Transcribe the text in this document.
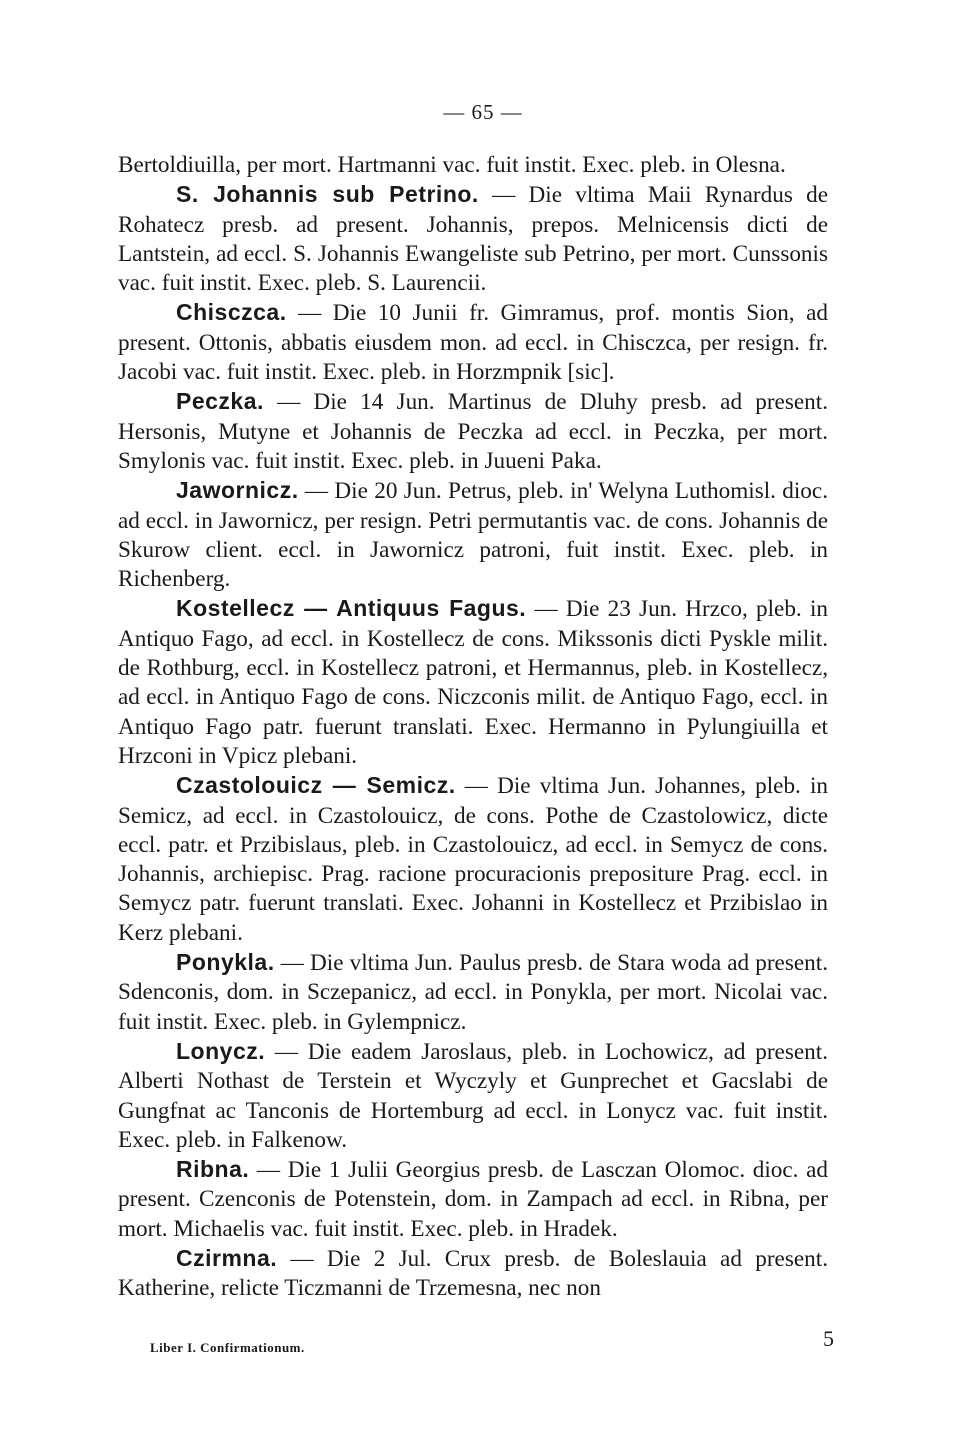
— 65 —

Bertoldiuilla, per mort. Hartmanni vac. fuit instit. Exec. pleb. in Olesna.

S. Johannis sub Petrino. — Die vltima Maii Rynardus de Rohatecz presb. ad present. Johannis, prepos. Melnicensis dicti de Lantstein, ad eccl. S. Johannis Ewangeliste sub Petrino, per mort. Cunssonis vac. fuit instit. Exec. pleb. S. Laurencii.

Chisczca. — Die 10 Junii fr. Gimramus, prof. montis Sion, ad present. Ottonis, abbatis eiusdem mon. ad eccl. in Chisczca, per resign. fr. Jacobi vac. fuit instit. Exec. pleb. in Horzmpnik [sic].

Peczka. — Die 14 Jun. Martinus de Dluhy presb. ad present. Hersonis, Mutyne et Johannis de Peczka ad eccl. in Peczka, per mort. Smylonis vac. fuit instit. Exec. pleb. in Juueni Paka.

Jawornicz. — Die 20 Jun. Petrus, pleb. in' Welyna Luthomisl. dioc. ad eccl. in Jawornicz, per resign. Petri permutantis vac. de cons. Johannis de Skurow client. eccl. in Jawornicz patroni, fuit instit. Exec. pleb. in Richenberg.

Kostellecz — Antiquus Fagus. — Die 23 Jun. Hrzco, pleb. in Antiquo Fago, ad eccl. in Kostellecz de cons. Mikssonis dicti Pyskle milit. de Rothburg, eccl. in Kostellecz patroni, et Hermannus, pleb. in Kostellecz, ad eccl. in Antiquo Fago de cons. Niczconis milit. de Antiquo Fago, eccl. in Antiquo Fago patr. fuerunt translati. Exec. Hermanno in Pylungiuilla et Hrzconi in Vpicz plebani.

Czastolouicz — Semicz. — Die vltima Jun. Johannes, pleb. in Semicz, ad eccl. in Czastolouicz, de cons. Pothe de Czastolowicz, dicte eccl. patr. et Przibislaus, pleb. in Czastolouicz, ad eccl. in Semycz de cons. Johannis, archiepisc. Prag. racione procuracionis prepositure Prag. eccl. in Semycz patr. fuerunt translati. Exec. Johanni in Kostellecz et Przibislao in Kerz plebani.

Ponykla. — Die vltima Jun. Paulus presb. de Stara woda ad present. Sdenconis, dom. in Sczepanicz, ad eccl. in Ponykla, per mort. Nicolai vac. fuit instit. Exec. pleb. in Gylempnicz.

Lonycz. — Die eadem Jaroslaus, pleb. in Lochowicz, ad present. Alberti Nothast de Terstein et Wyczyly et Gunprechet et Gacslabi de Gungfnat ac Tanconis de Hortemburg ad eccl. in Lonycz vac. fuit instit. Exec. pleb. in Falkenow.

Ribna. — Die 1 Julii Georgius presb. de Lasczan Olomoc. dioc. ad present. Czenconis de Potenstein, dom. in Zampach ad eccl. in Ribna, per mort. Michaelis vac. fuit instit. Exec. pleb. in Hradek.

Czirmna. — Die 2 Jul. Crux presb. de Boleslauia ad present. Katherine, relicte Ticzmanni de Trzemesna, nec non

Liber I. Confirmationum.	5
